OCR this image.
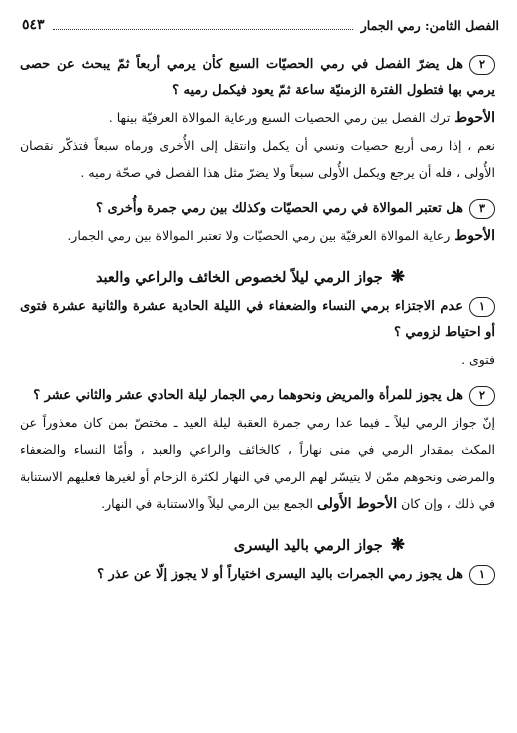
الفصل الثامن: رمي الجمار
٥٤٣

٢هل يضرّ الفصل في رمي الحصيّات السبع كأن يرمي أربعاً ثمّ يبحث عن حصى يرمي بها فتطول الفترة الزمنيّة ساعة ثمّ يعود فيكمل رميه ؟

الأحوط ترك الفصل بين رمي الحصيات السبع ورعاية الموالاة العرفيّة بينها .

نعم ، إذا رمى أربع حصيات ونسي أن يكمل وانتقل إلى الأُخرى ورماه سبعاً فتذكّر نقصان الأُولى ، فله أن يرجع ويكمل الأُولى سبعاً ولا يضرّ مثل هذا الفصل في صحّة رميه .

٣هل تعتبر الموالاة في رمي الحصيّات وكذلك بين رمي جمرة وأُخرى ؟

الأحوط رعاية الموالاة العرفيّة بين رمي الحصيّات ولا تعتبر الموالاة بين رمي الجمار.

❋جواز الرمي ليلاً لخصوص الخائف والراعي والعبد

١عدم الاجتزاء برمي النساء والضعفاء في الليلة الحادية عشرة والثانية عشرة فتوى أو احتياط لزومي ؟

فتوى .

٢هل يجوز للمرأة والمريض ونحوهما رمي الجمار ليلة الحادي عشر والثاني عشر ؟

إنّ جواز الرمي ليلاً ـ فيما عدا رمي جمرة العقبة ليلة العيد ـ مختصّ بمن كان معذوراً عن المكث بمقدار الرمي في منى نهاراً ، كالخائف والراعي والعبد ، وأمّا النساء والضعفاء والمرضى ونحوهم ممّن لا يتيسّر لهم الرمي في النهار لكثرة الزحام أو لغيرها فعليهم الاستنابة في ذلك ، وإن كان الأحوط الأَولى الجمع بين الرمي ليلاً والاستنابة في النهار.

❋جواز الرمي باليد اليسرى

١هل يجوز رمي الجمرات باليد اليسرى اختياراً أو لا يجوز إلّا عن عذر ؟
